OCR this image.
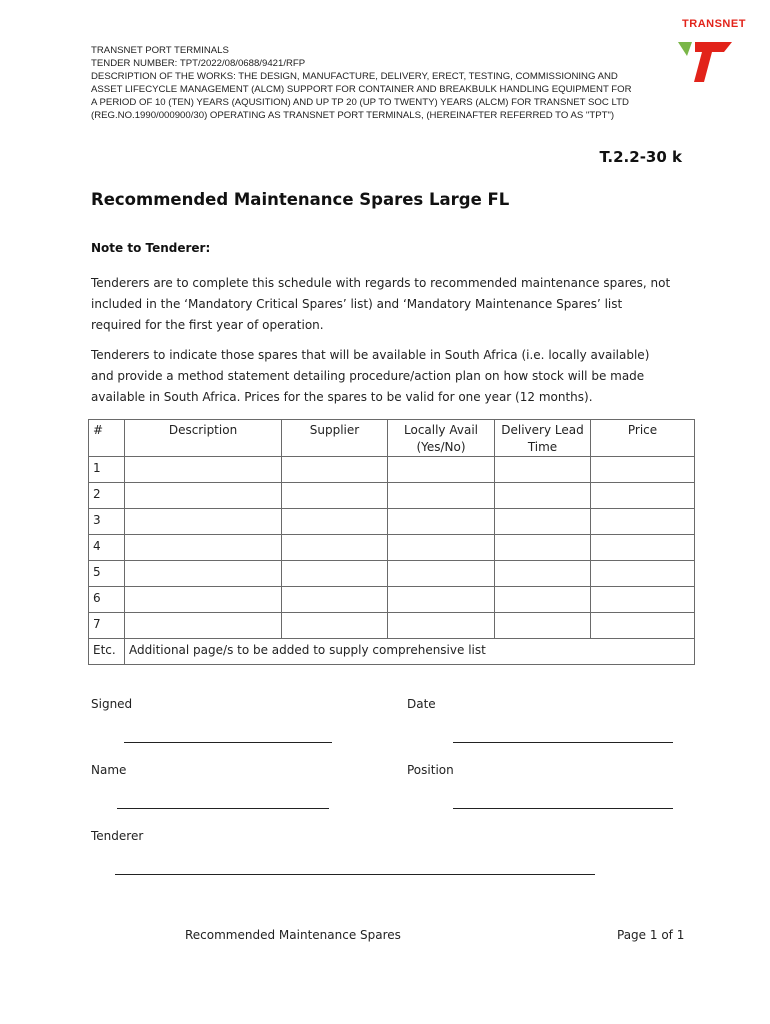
TRANSNET PORT TERMINALS
TENDER NUMBER: TPT/2022/08/0688/9421/RFP
DESCRIPTION OF THE WORKS: THE DESIGN, MANUFACTURE, DELIVERY, ERECT, TESTING, COMMISSIONING AND
ASSET LIFECYCLE MANAGEMENT (ALCM) SUPPORT FOR CONTAINER AND BREAKBULK HANDLING EQUIPMENT FOR
A PERIOD OF 10 (TEN) YEARS (AQUSITION) AND UP TP 20 (UP TO TWENTY) YEARS (ALCM) FOR TRANSNET SOC LTD
(REG.NO.1990/000900/30) OPERATING AS TRANSNET PORT TERMINALS, (HEREINAFTER REFERRED TO AS "TPT")
TRANSNET
T.2.2-30 k
Recommended Maintenance Spares Large FL
Note to Tenderer:
Tenderers are to complete this schedule with regards to recommended maintenance spares, not included in the ‘Mandatory Critical Spares’ list) and ‘Mandatory Maintenance Spares’ list required for the first year of operation.
Tenderers to indicate those spares that will be available in South Africa (i.e. locally available) and provide a method statement detailing procedure/action plan on how stock will be made available in South Africa. Prices for the spares to be valid for one year (12 months).
#	Description	Supplier	Locally Avail (Yes/No)	Delivery Lead Time	Price
1					
2					
3					
4					
5					
6					
7					
Etc.	Additional page/s to be added to supply comprehensive list				
Signed	Date
Name	Position
Tenderer
Recommended Maintenance Spares	Page 1 of 1
